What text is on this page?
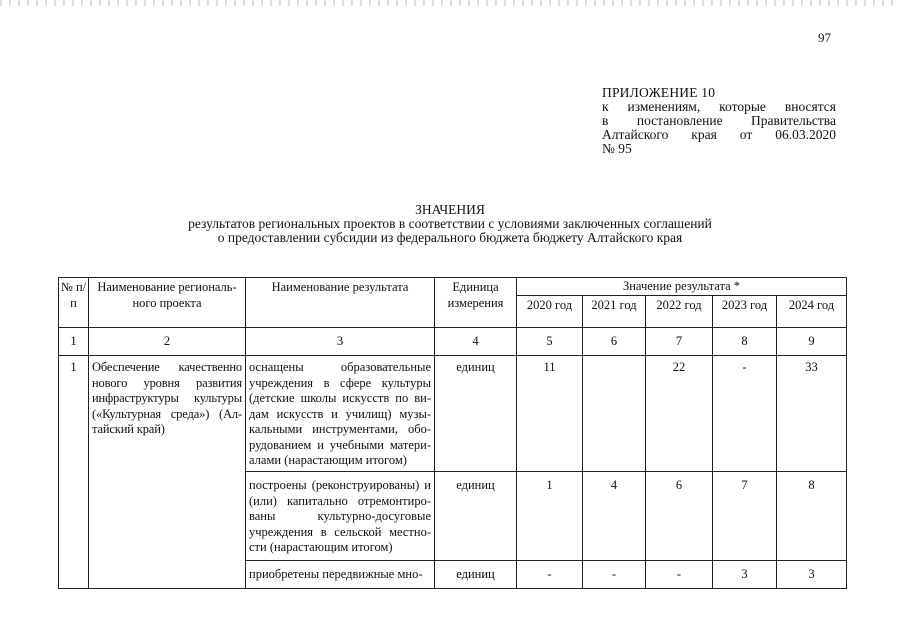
97
ПРИЛОЖЕНИЕ 10
к изменениям, которые вносятся
в постановление Правительства
Алтайского края от 06.03.2020
№ 95
ЗНАЧЕНИЯ
результатов региональных проектов в соответствии с условиями заключенных соглашений
о предоставлении субсидии из федерального бюджета бюджету Алтайского края
№ п/п	Наименование региональ-ного проекта	Наименование результата	Единица измерения	Значение результата *				
				2020 год	2021 год	2022 год	2023 год	2024 год
1	2	3	4	5	6	7	8	9
1	Обеспечение качественно нового уровня развития инфраструктуры культуры («Культурная среда») (Ал-тайский край)	оснащены образовательные учреждения в сфере культуры (детские школы искусств по ви-дам искусств и училищ) музы-кальными инструментами, обо-рудованием и учебными матери-алами (нарастающим итогом)	единиц	11		22	-	33
		построены (реконструированы) и (или) капитально отремонтиро-ваны культурно-досуговые учреждения в сельской местно-сти (нарастающим итогом)	единиц	1	4	6	7	8
		приобретены передвижные мно-	единиц	-	-	-	3	3
